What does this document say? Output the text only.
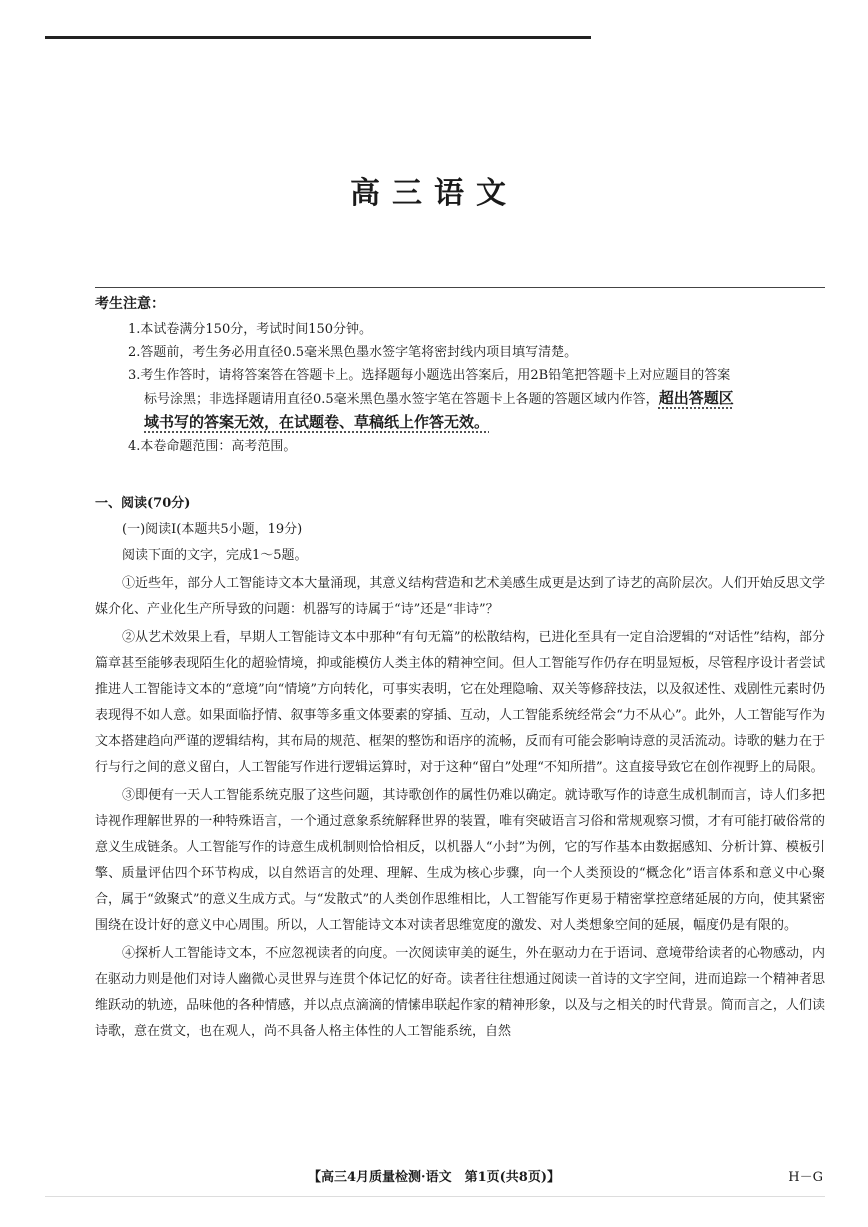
高三语文
考生注意：
1.本试卷满分150分，考试时间150分钟。
2.答题前，考生务必用直径0.5毫米黑色墨水签字笔将密封线内项目填写清楚。
3.考生作答时，请将答案答在答题卡上。选择题每小题选出答案后，用2B铅笔把答题卡上对应题目的答案
标号涂黑；非选择题请用直径0.5毫米黑色墨水签字笔在答题卡上各题的答题区域内作答，超出答题区
域书写的答案无效，在试题卷、草稿纸上作答无效。
4.本卷命题范围：高考范围。
一、阅读(70分)
(一)阅读Ⅰ(本题共5小题，19分)
阅读下面的文字，完成1～5题。

①近些年，部分人工智能诗文本大量涌现，其意义结构营造和艺术美感生成更是达到了诗艺的高阶层次。人们开始反思文学媒介化、产业化生产所导致的问题：机器写的诗属于“诗”还是“非诗”？

②从艺术效果上看，早期人工智能诗文本中那种“有句无篇”的松散结构，已进化至具有一定自洽逻辑的“对话性”结构，部分篇章甚至能够表现陌生化的超验情境，抑或能模仿人类主体的精神空间。但人工智能写作仍存在明显短板，尽管程序设计者尝试推进人工智能诗文本的“意境”向“情境”方向转化，可事实表明，它在处理隐喻、双关等修辞技法，以及叙述性、戏剧性元素时仍表现得不如人意。如果面临抒情、叙事等多重文体要素的穿插、互动，人工智能系统经常会“力不从心”。此外，人工智能写作为文本搭建趋向严谨的逻辑结构，其布局的规范、框架的整饬和语序的流畅，反而有可能会影响诗意的灵活流动。诗歌的魅力在于行与行之间的意义留白，人工智能写作进行逻辑运算时，对于这种“留白”处理“不知所措”。这直接导致它在创作视野上的局限。

③即便有一天人工智能系统克服了这些问题，其诗歌创作的属性仍难以确定。就诗歌写作的诗意生成机制而言，诗人们多把诗视作理解世界的一种特殊语言，一个通过意象系统解释世界的装置，唯有突破语言习俗和常规观察习惯，才有可能打破俗常的意义生成链条。人工智能写作的诗意生成机制则恰恰相反，以机器人“小封”为例，它的写作基本由数据感知、分析计算、模板引擎、质量评估四个环节构成，以自然语言的处理、理解、生成为核心步骤，向一个人类预设的“概念化”语言体系和意义中心聚合，属于“敛聚式”的意义生成方式。与“发散式”的人类创作思维相比，人工智能写作更易于精密掌控意绪延展的方向，使其紧密围绕在设计好的意义中心周围。所以，人工智能诗文本对读者思维宽度的激发、对人类想象空间的延展，幅度仍是有限的。

④探析人工智能诗文本，不应忽视读者的向度。一次阅读审美的诞生，外在驱动力在于语词、意境带给读者的心物感动，内在驱动力则是他们对诗人幽微心灵世界与连贯个体记忆的好奇。读者往往想通过阅读一首诗的文字空间，进而追踪一个精神者思维跃动的轨迹，品味他的各种情感，并以点点滴滴的情愫串联起作家的精神形象，以及与之相关的时代背景。简而言之，人们读诗歌，意在赏文，也在观人，尚不具备人格主体性的人工智能系统，自然

【高三4月质量检测·语文　第1页(共8页)】	H－G
